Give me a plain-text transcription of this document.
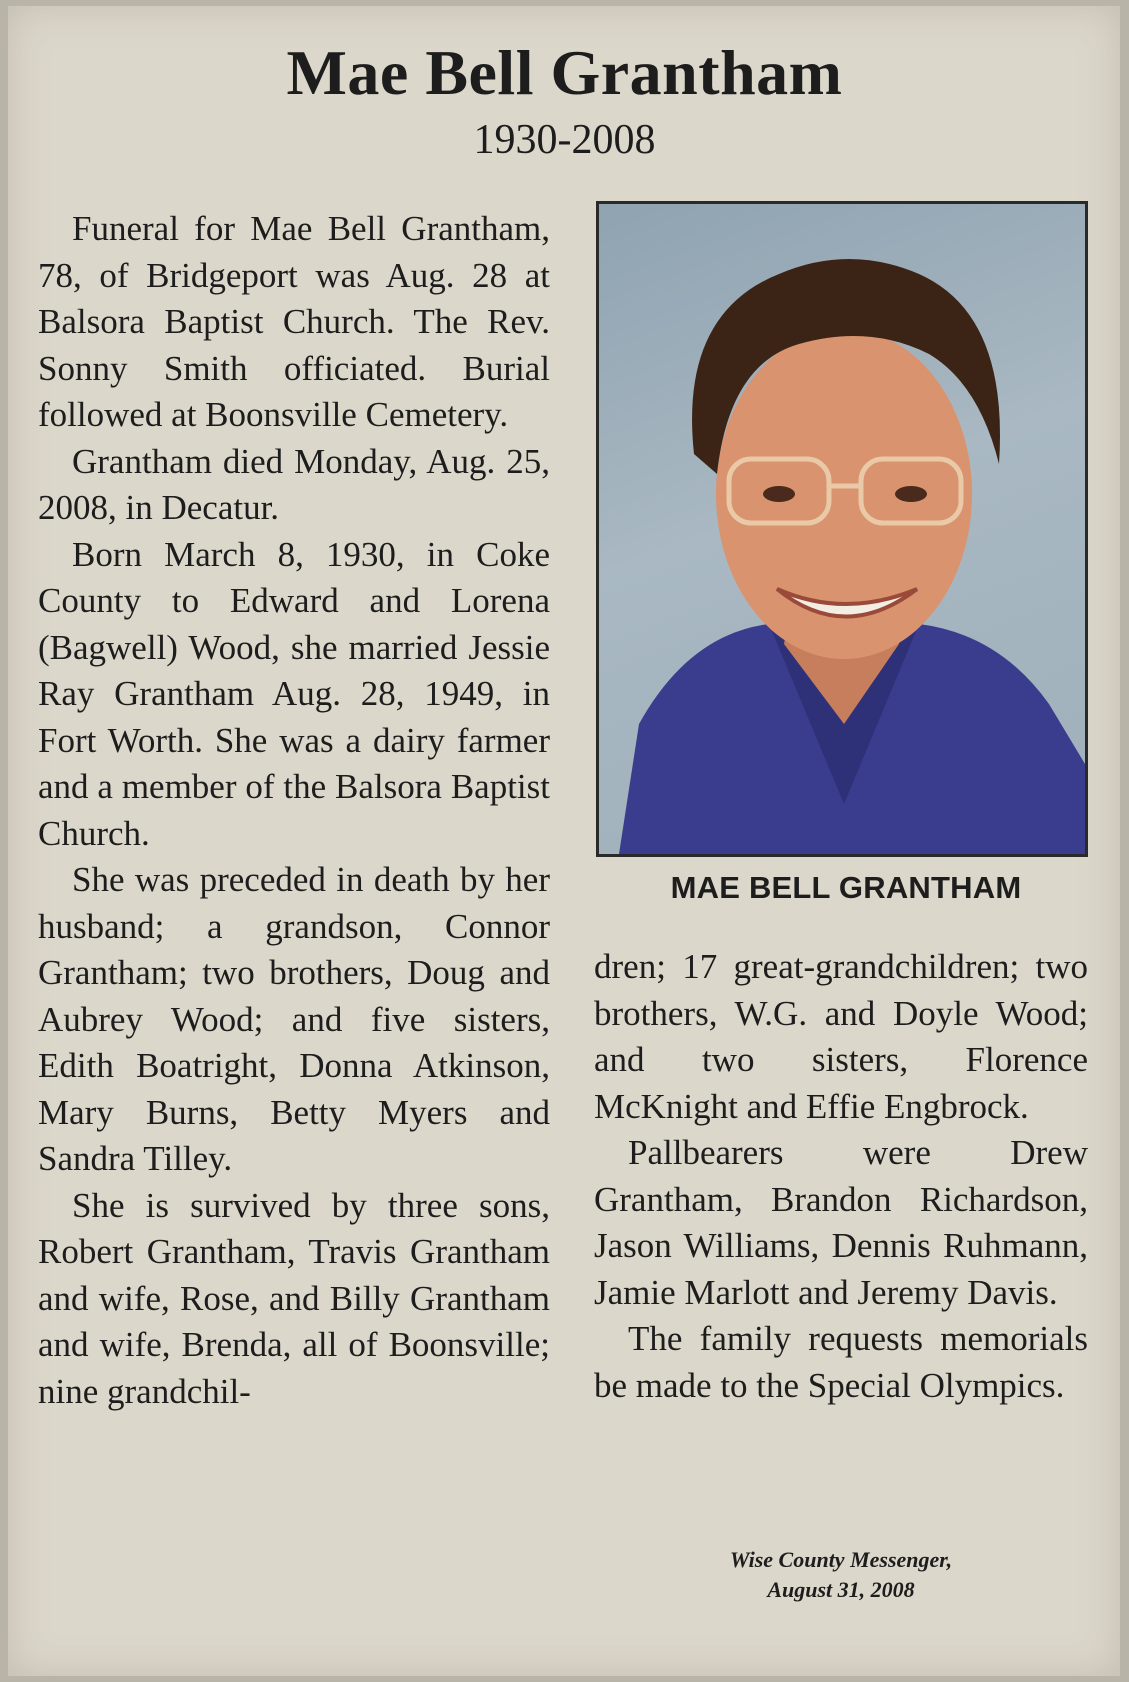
Mae Bell Grantham
1930-2008

Funeral for Mae Bell Grantham, 78, of Bridgeport was Aug. 28 at Balsora Baptist Church. The Rev. Sonny Smith officiated. Burial followed at Boonsville Cemetery.

Grantham died Monday, Aug. 25, 2008, in Decatur.

Born March 8, 1930, in Coke County to Edward and Lorena (Bagwell) Wood, she married Jessie Ray Grantham Aug. 28, 1949, in Fort Worth. She was a dairy farmer and a member of the Balsora Baptist Church.

She was preceded in death by her husband; a grandson, Connor Grantham; two brothers, Doug and Aubrey Wood; and five sisters, Edith Boatright, Donna Atkinson, Mary Burns, Betty Myers and Sandra Tilley.

She is survived by three sons, Robert Grantham, Travis Grantham and wife, Rose, and Billy Grantham and wife, Brenda, all of Boonsville; nine grandchil-

MAE BELL GRANTHAM

dren; 17 great-grandchildren; two brothers, W.G. and Doyle Wood; and two sisters, Florence McKnight and Effie Engbrock.

Pallbearers were Drew Grantham, Brandon Richardson, Jason Williams, Dennis Ruhmann, Jamie Marlott and Jeremy Davis.

The family requests memorials be made to the Special Olympics.

Wise County Messenger,
August 31, 2008
